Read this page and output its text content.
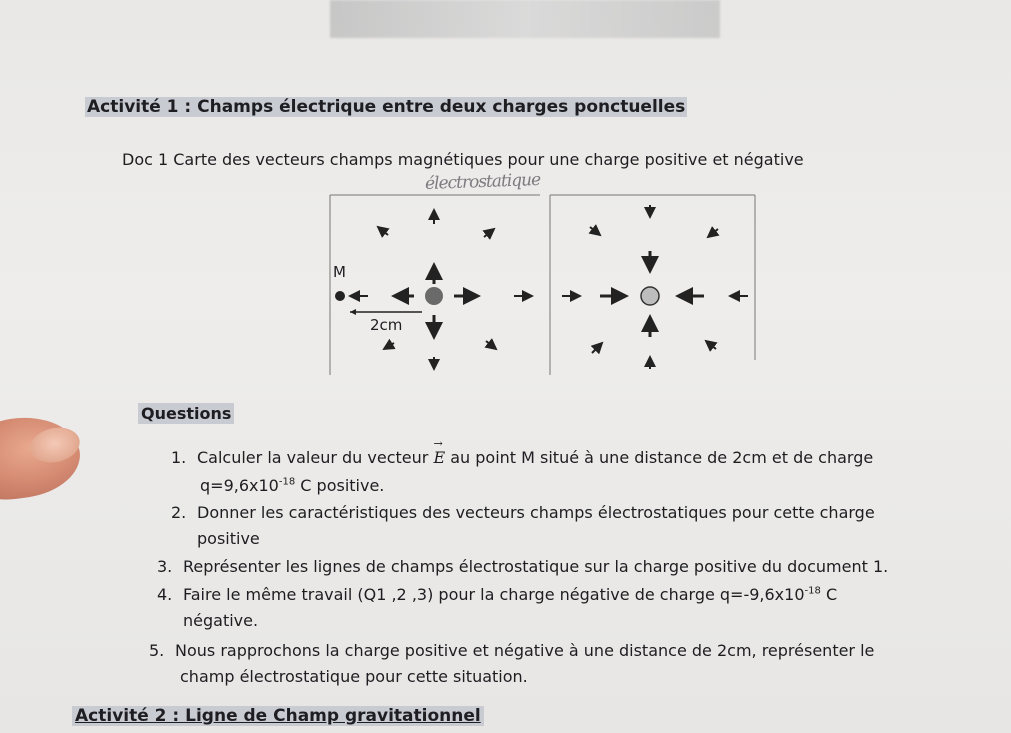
Activité 1 : Champs électrique entre deux charges ponctuelles
Doc 1 Carte des vecteurs champs magnétiques pour une charge positive et négative
électrostatique
M
2cm
Questions
1. Calculer la valeur du vecteur → E au point M situé à une distance de 2cm et de charge
$q=9,6x10^{-18}$ C positive.
2. Donner les caractéristiques des vecteurs champs électrostatiques pour cette charge
positive
3. Représenter les lignes de champs électrostatique sur la charge positive du document 1.
4. Faire le même travail (Q1 ,2 ,3) pour la charge négative de charge $q=-9,6x10^{-18}$ C
négative.
5. Nous rapprochons la charge positive et négative à une distance de 2cm, représenter le
champ électrostatique pour cette situation.
Activité 2 : Ligne de Champ gravitationnel
